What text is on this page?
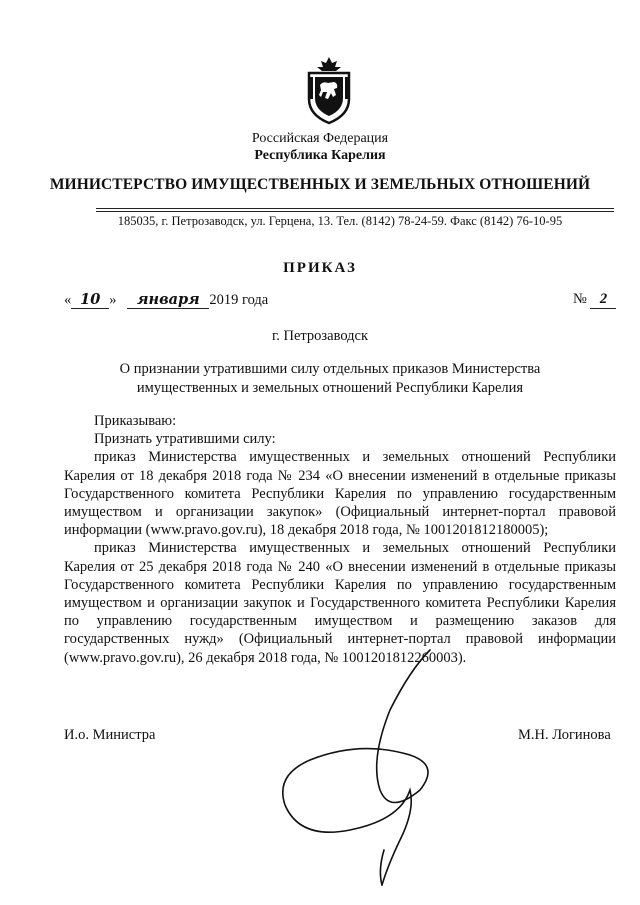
Российская Федерация
Республика Карелия
МИНИСТЕРСТВО ИМУЩЕСТВЕННЫХ И ЗЕМЕЛЬНЫХ ОТНОШЕНИЙ
185035, г. Петрозаводск, ул. Герцена, 13. Тел. (8142) 78-24-59. Факс (8142) 76-10-95
ПРИКАЗ
« 10 » января 2019 года	№ 2
г. Петрозаводск
О признании утратившими силу отдельных приказов Министерства имущественных и земельных отношений Республики Карелия

Приказываю:

Признать утратившими силу:

приказ Министерства имущественных и земельных отношений Республики Карелия от 18 декабря 2018 года № 234 «О внесении изменений в отдельные приказы Государственного комитета Республики Карелия по управлению государственным имуществом и организации закупок» (Официальный интернет-портал правовой информации (www.pravo.gov.ru), 18 декабря 2018 года, № 1001201812180005);

приказ Министерства имущественных и земельных отношений Республики Карелия от 25 декабря 2018 года № 240 «О внесении изменений в отдельные приказы Государственного комитета Республики Карелия по управлению государственным имуществом и организации закупок и Государственного комитета Республики Карелия по управлению государственным имуществом и размещению заказов для государственных нужд» (Официальный интернет-портал правовой информации (www.pravo.gov.ru), 26 декабря 2018 года, № 1001201812260003).

И.о. Министра	М.Н. Логинова
